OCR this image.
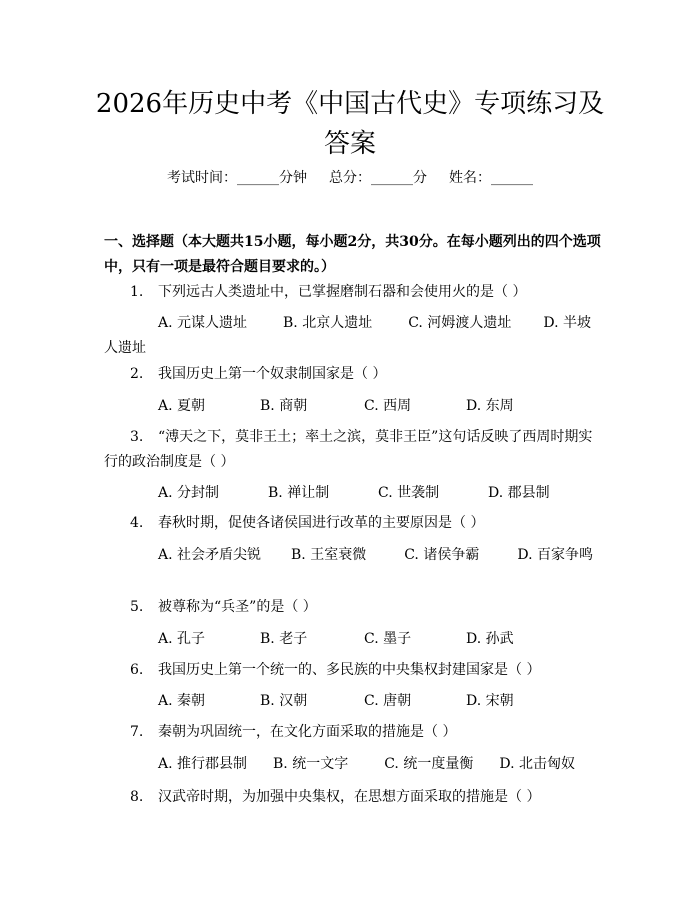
2026年历史中考《中国古代史》专项练习及答案
考试时间：______分钟 总分：______分 姓名：______

一、选择题（本大题共15小题，每小题2分，共30分。在每小题列出的四个选项中，只有一项是最符合题目要求的。）

1. 下列远古人类遗址中，已掌握磨制石器和会使用火的是（ ）

A. 元谋人遗址	B. 北京人遗址	C. 河姆渡人遗址 D. 半坡人遗址

2. 我国历史上第一个奴隶制国家是（ ）

A. 夏朝	B. 商朝	C. 西周	D. 东周

3. “溥天之下，莫非王土；率土之滨，莫非王臣”这句话反映了西周时期实行的政治制度是（ ）

A. 分封制	B. 禅让制	C. 世袭制	D. 郡县制

4. 春秋时期，促使各诸侯国进行改革的主要原因是（ ）

A. 社会矛盾尖锐 B. 王室衰微	C. 诸侯争霸	D. 百家争鸣

5. 被尊称为“兵圣”的是（ ）

A. 孔子	B. 老子	C. 墨子	D. 孙武

6. 我国历史上第一个统一的、多民族的中央集权封建国家是（ ）

A. 秦朝	B. 汉朝	C. 唐朝	D. 宋朝

7. 秦朝为巩固统一，在文化方面采取的措施是（ ）

A. 推行郡县制 B. 统一文字	C. 统一度量衡 D. 北击匈奴

8. 汉武帝时期，为加强中央集权，在思想方面采取的措施是（ ）
